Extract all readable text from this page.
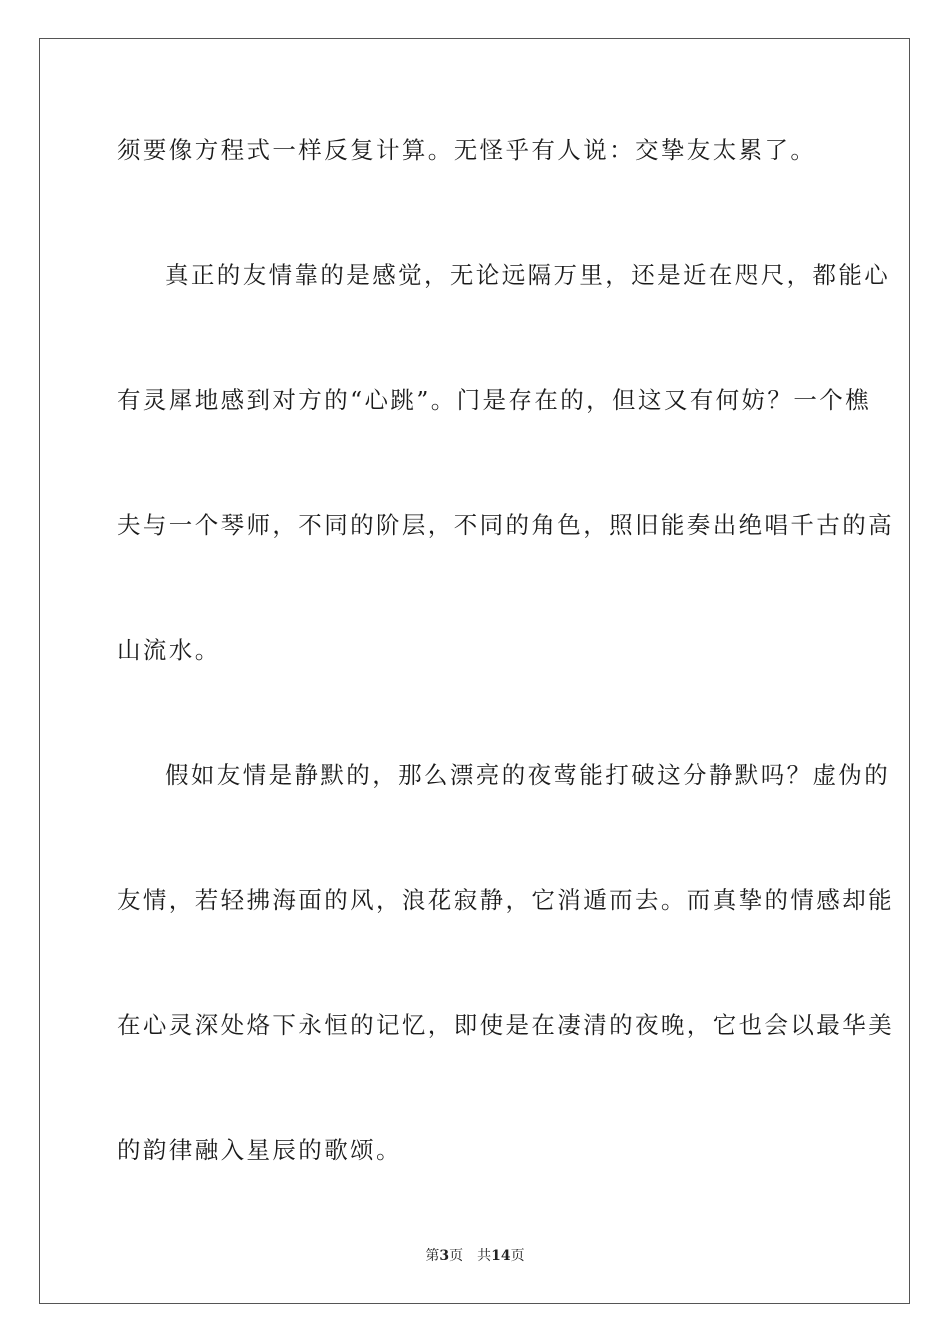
须要像方程式一样反复计算。无怪乎有人说：交挚友太累了。
真正的友情靠的是感觉，无论远隔万里，还是近在咫尺，都能心
有灵犀地感到对方的“心跳”。门是存在的，但这又有何妨？一个樵
夫与一个琴师，不同的阶层，不同的角色，照旧能奏出绝唱千古的高
山流水。
假如友情是静默的，那么漂亮的夜莺能打破这分静默吗？虚伪的
友情，若轻拂海面的风，浪花寂静，它消遁而去。而真挚的情感却能
在心灵深处烙下永恒的记忆，即使是在凄清的夜晚，它也会以最华美
的韵律融入星辰的歌颂。
第3页 共14页
